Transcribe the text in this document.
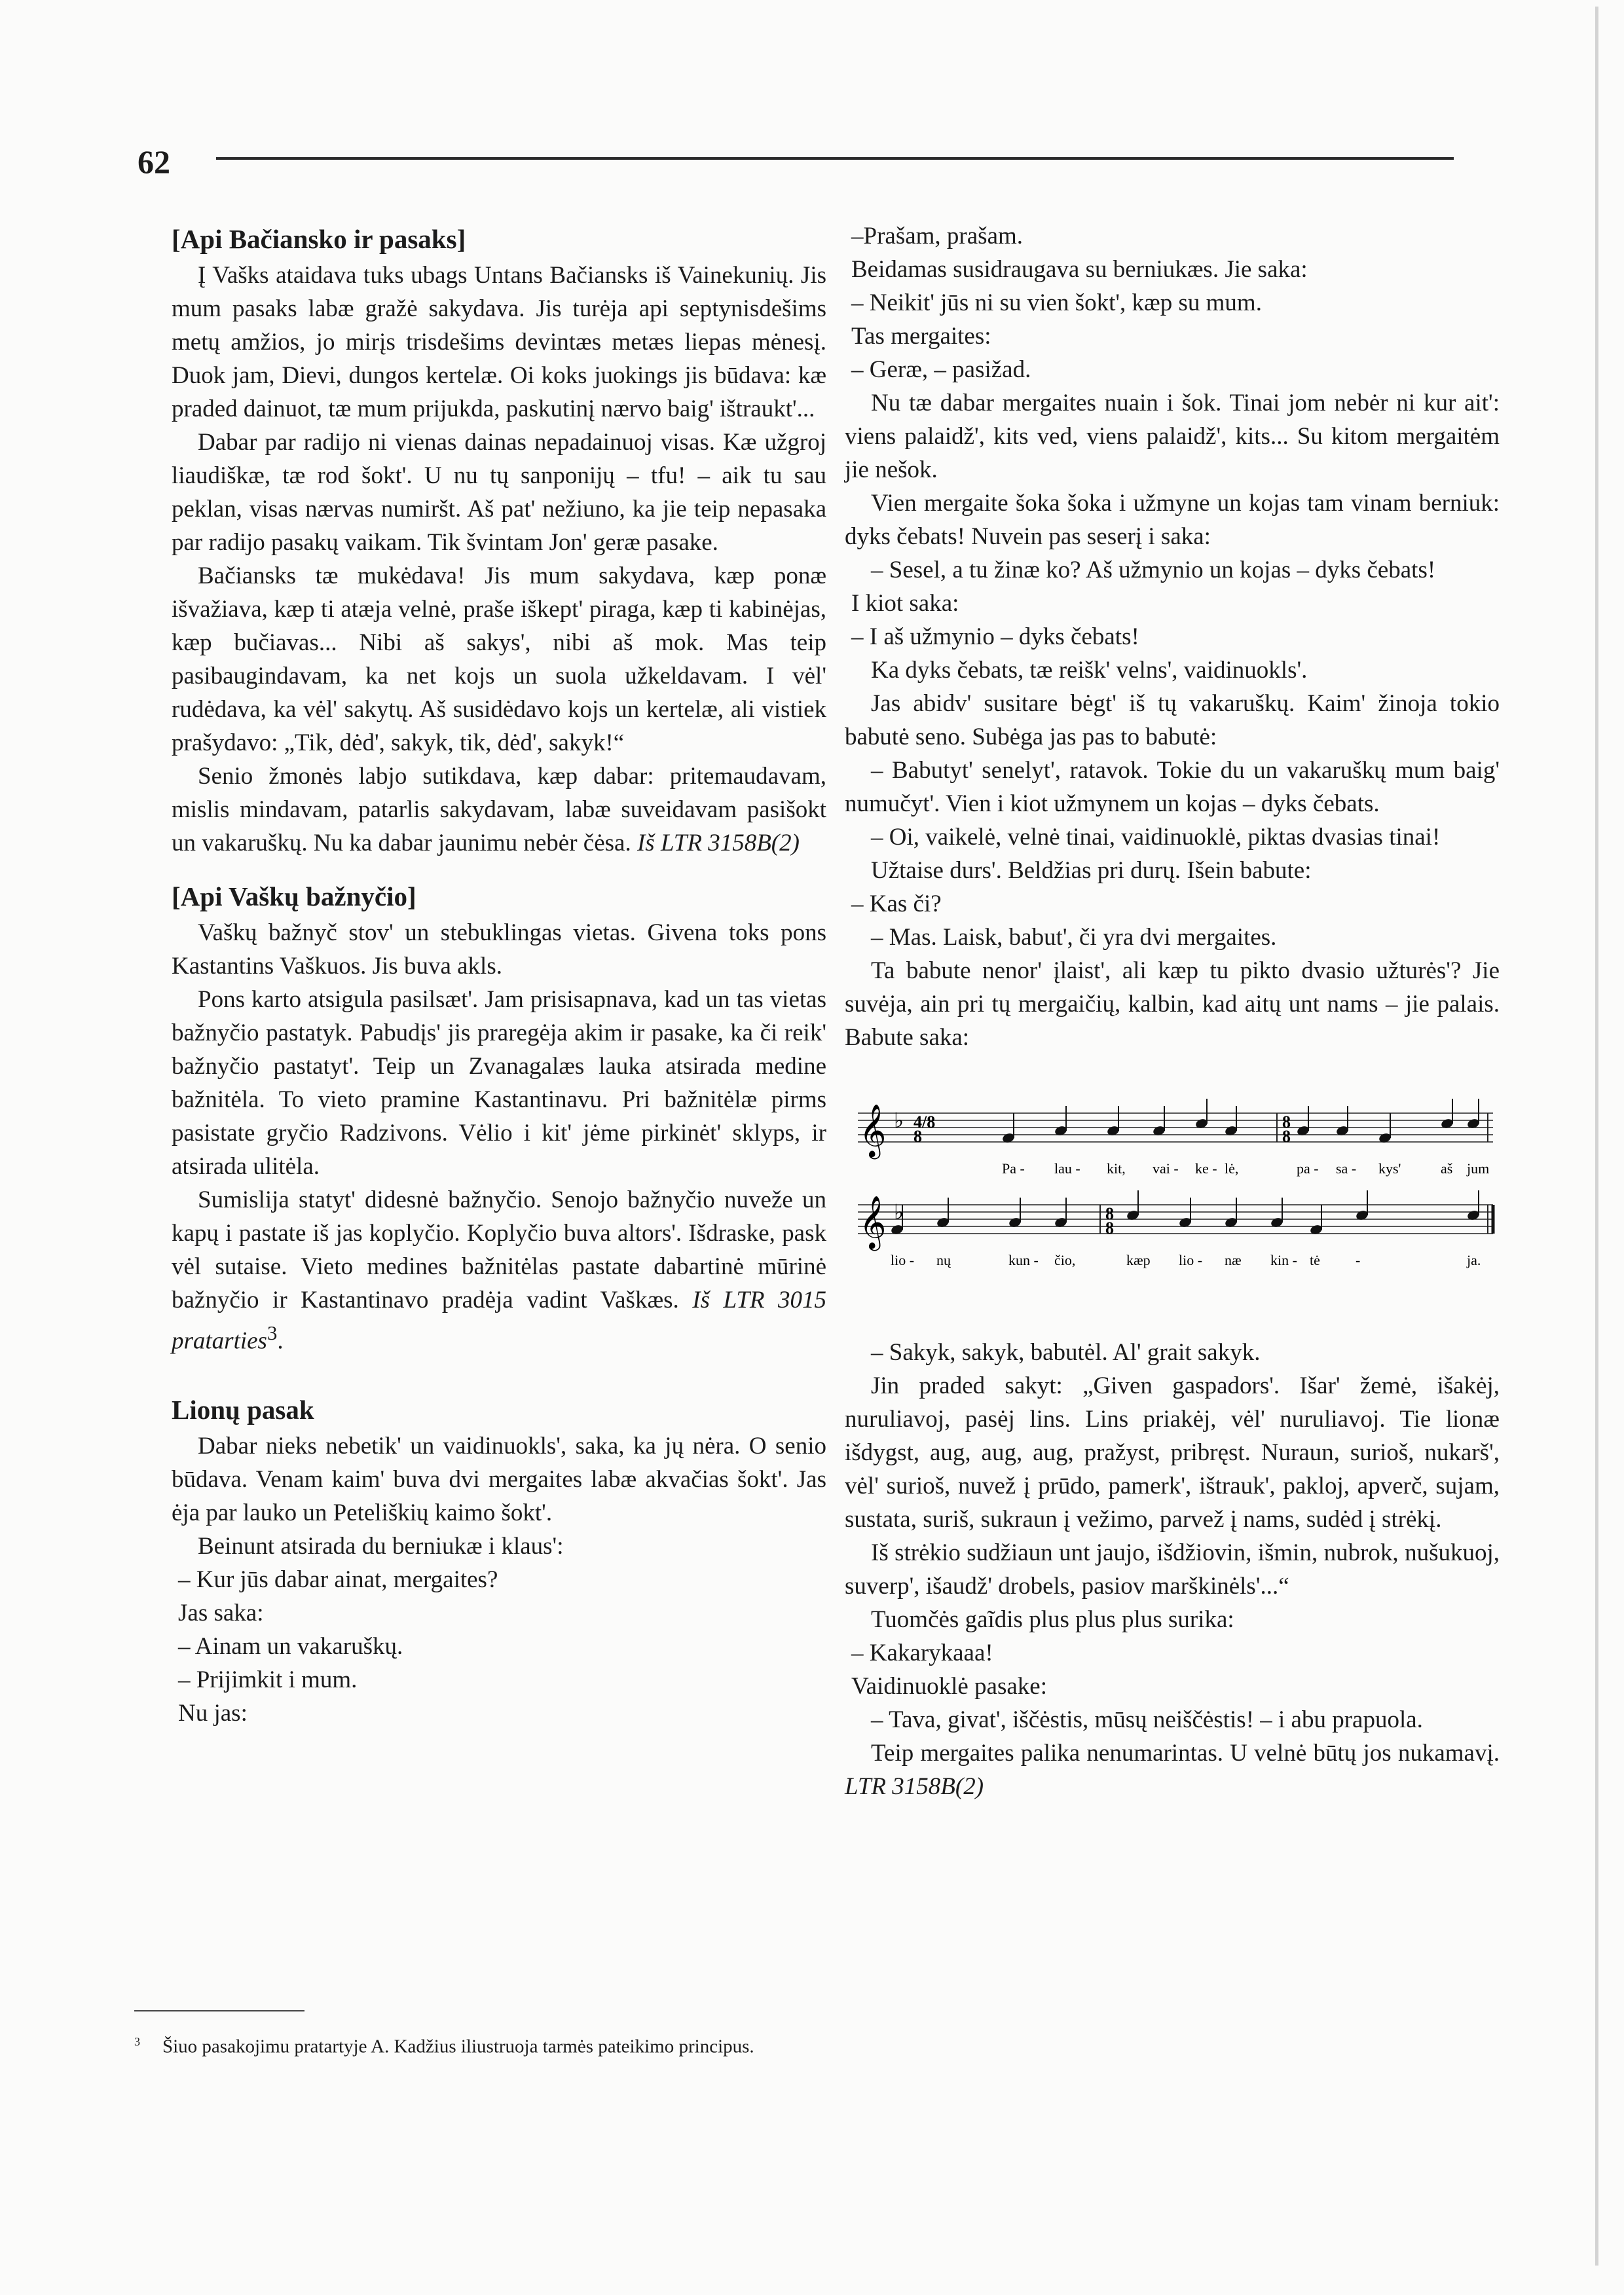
62
[Api Bačiansko ir pasaks]

Į Vašks ataidava tuks ubags Untans Bačiansks iš Vainekunių. Jis mum pasaks labæ gražė sakydava. Jis turėja api septynisdešims metų amžios, jo mirįs trisdešims devintæs metæs liepas mėnesį. Duok jam, Dievi, dungos kertelæ. Oi koks juokings jis būdava: kæ praded dainuot, tæ mum prijukda, paskutinį nærvo baig' ištraukt'...

Dabar par radijo ni vienas dainas nepadainuoj visas. Kæ užgroj liaudiškæ, tæ rod šokt'. U nu tų sanponijų – tfu! – aik tu sau peklan, visas nærvas numiršt. Aš pat' nežiuno, ka jie teip nepasaka par radijo pasakų vaikam. Tik švintam Jon' geræ pasake.

Bačiansks tæ mukėdava! Jis mum sakydava, kæp ponæ išvažiava, kæp ti atæja velnė, praše iškept' piraga, kæp ti kabinėjas, kæp bučiavas... Nibi aš sakys', nibi aš mok. Mas teip pasibaugindavam, ka net kojs un suola užkeldavam. I vėl' rudėdava, ka vėl' sakytų. Aš susidėdavo kojs un kertelæ, ali vistiek prašydavo: „Tik, dėd', sakyk, tik, dėd', sakyk!“

Senio žmonės labjo sutikdava, kæp dabar: pritemaudavam, mislis mindavam, patarlis sakydavam, labæ suveidavam pasišokt un vakaruškų. Nu ka dabar jaunimu nebėr čėsa. Iš LTR 3158B(2)

[Api Vaškų bažnyčio]

Vaškų bažnyč stov' un stebuklingas vietas. Givena toks pons Kastantins Vaškuos. Jis buva akls.

Pons karto atsigula pasilsæt'. Jam prisisapnava, kad un tas vietas bažnyčio pastatyk. Pabudįs' jis praregėja akim ir pasake, ka či reik' bažnyčio pastatyt'. Teip un Zvanagalæs lauka atsirada medine bažnitėla. To vieto pramine Kastantinavu. Pri bažnitėlæ pirms pasistate gryčio Radzivons. Vėlio i kit' jėme pirkinėt' sklyps, ir atsirada ulitėla.

Sumislija statyt' didesnė bažnyčio. Senojo bažnyčio nuveže un kapų i pastate iš jas koplyčio. Koplyčio buva altors'. Išdraske, pask vėl sutaise. Vieto medines bažnitėlas pastate dabartinė mūrinė bažnyčio ir Kastantinavo pradėja vadint Vaškæs. Iš LTR 3015 pratarties$^3$.

Lionų pasak

Dabar nieks nebetik' un vaidinuokls', saka, ka jų nėra. O senio būdava. Venam kaim' buva dvi mergaites labæ akvačias šokt'. Jas ėja par lauko un Peteliškių kaimo šokt'.

Beinunt atsirada du berniukæ i klaus':

– Kur jūs dabar ainat, mergaites?

Jas saka:

– Ainam un vakaruškų.

– Prijimkit i mum.

Nu jas:

–Prašam, prašam.

Beidamas susidraugava su berniukæs. Jie saka:

– Neikit' jūs ni su vien šokt', kæp su mum.

Tas mergaites:

– Geræ, – pasižad.

Nu tæ dabar mergaites nuain i šok. Tinai jom nebėr ni kur ait': viens palaidž', kits ved, viens palaidž', kits... Su kitom mergaitėm jie nešok.

Vien mergaite šoka šoka i užmyne un kojas tam vinam berniuk: dyks čebats! Nuvein pas seserį i saka:

– Sesel, a tu žinæ ko? Aš užmynio un kojas – dyks čebats!

I kiot saka:

– I aš užmynio – dyks čebats!

Ka dyks čebats, tæ reišk' velns', vaidinuokls'.

Jas abidv' susitare bėgt' iš tų vakaruškų. Kaim' žinoja tokio babutė seno. Subėga jas pas to babutė:

– Babutyt' senelyt', ratavok. Tokie du un vakaruškų mum baig' numučyt'. Vien i kiot užmynem un kojas – dyks čebats.

– Oi, vaikelė, velnė tinai, vaidinuoklė, piktas dvasias tinai!

Užtaise durs'. Beldžias pri durų. Išein babute:

– Kas či?

– Mas. Laisk, babut', či yra dvi mergaites.

Ta babute nenor' įlaist', ali kæp tu pikto dvasio užturės'? Jie suvėja, ain pri tų mergaičių, kalbin, kad aitų unt nams – jie palais. Babute saka:

𝄞 ♭ 4/8
8
8
8
Pa - lau - kit, vai - ke - lė,	pa - sa - kys'	aš jum
𝄞 ♭	8
8
lio - nų	kun - čio,	kæp lio - næ kin - tė -	ja.

– Sakyk, sakyk, babutėl. Al' grait sakyk.

Jin praded sakyt: „Given gaspadors'. Išar' žemė, išakėj, nuruliavoj, pasėj lins. Lins priakėj, vėl' nuruliavoj. Tie lionæ išdygst, aug, aug, aug, pražyst, pribręst. Nuraun, surioš, nukarš', vėl' surioš, nuvež į prūdo, pamerk', ištrauk', pakloj, apverč, sujam, sustata, suriš, sukraun į vežimo, parvež į nams, sudėd į strėkį.

Iš strėkio sudžiaun unt jaujo, išdžiovin, išmin, nubrok, nušukuoj, suverp', išaudž' drobels, pasiov marškinėls'...“

Tuomčės gaĩdis plus plus plus surika:

– Kakarykaaa!

Vaidinuoklė pasake:

– Tava, givat', iščėstis, mūsų neiščėstis! – i abu prapuola.

Teip mergaites palika nenumarintas. U velnė būtų jos nukamavį. LTR 3158B(2)

$^3$ Šiuo pasakojimu pratartyje A. Kadžius iliustruoja tarmės pateikimo principus.
